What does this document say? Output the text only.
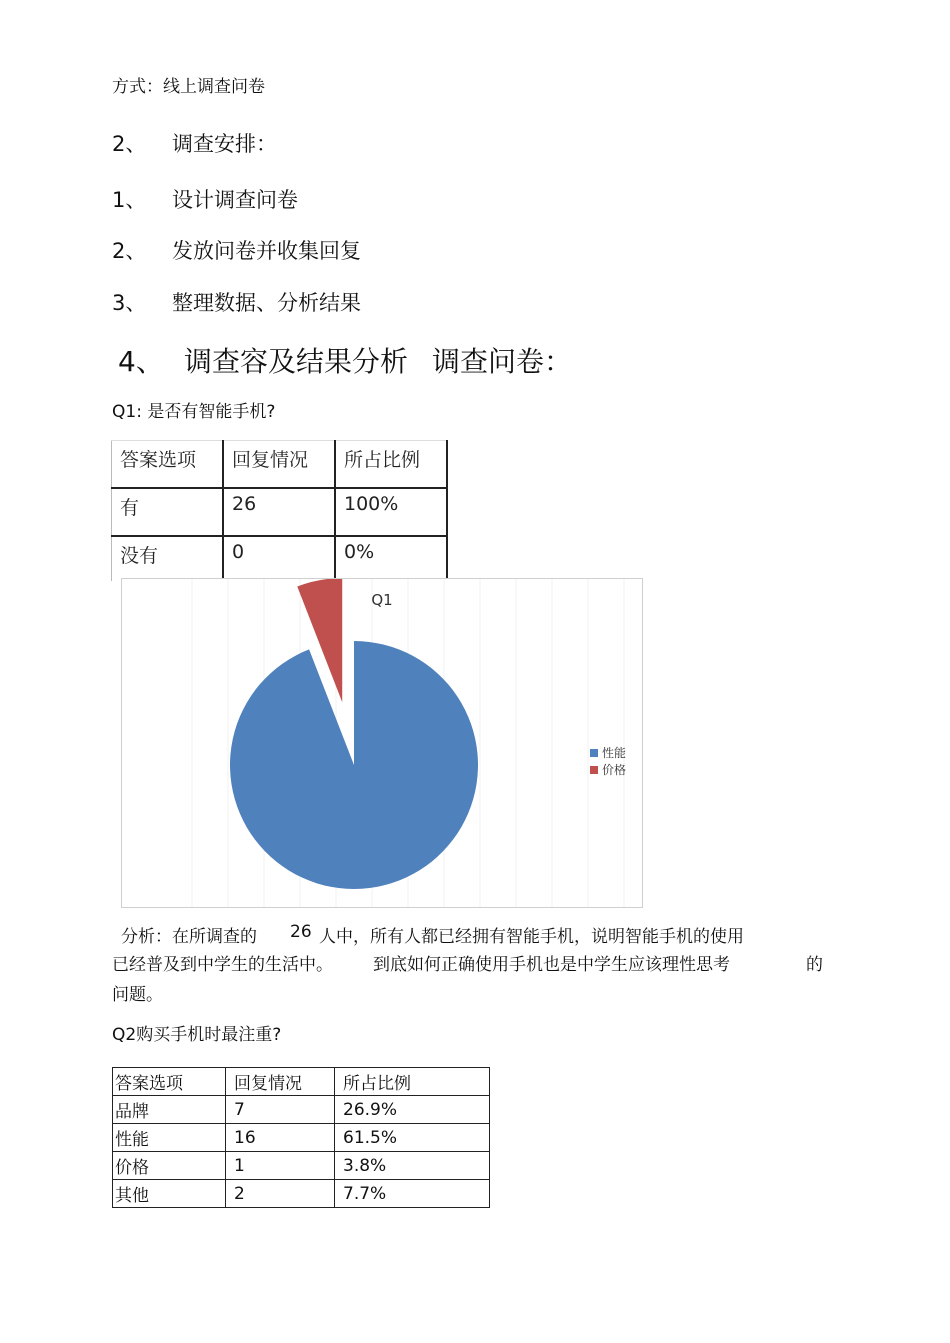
方式：线上调查问卷
2、 调查安排：
1、 设计调查问卷
2、 发放问卷并收集回复
3、 整理数据、分析结果
4、 调查容及结果分析 调查问卷：
Q1: 是否有智能手机?
答案选项	回复情况	所占比例
有	26	100%
没有	0	0%
Q1
性能
价格
分析：在所调查的 26 人中，所有人都已经拥有智能手机，说明智能手机的使用
已经普及到中学生的生活中。 到底如何正确使用手机也是中学生应该理性思考	的
问题。
Q2购买手机时最注重?
答案选项	回复情况	所占比例
品牌	7	26.9%
性能	16	61.5%
价格	1	3.8%
其他	2	7.7%
